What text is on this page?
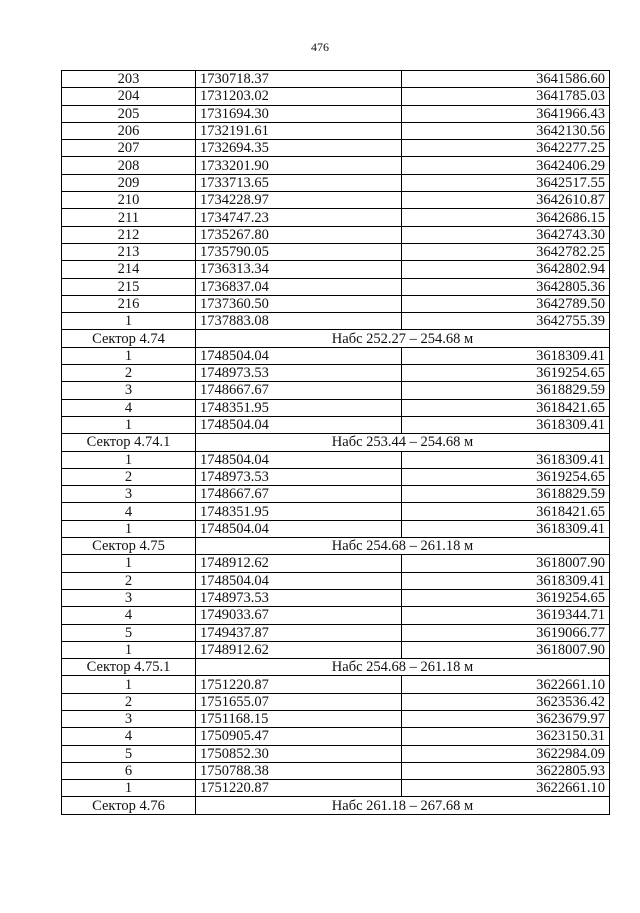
476
203	1730718.37	3641586.60
204	1731203.02	3641785.03
205	1731694.30	3641966.43
206	1732191.61	3642130.56
207	1732694.35	3642277.25
208	1733201.90	3642406.29
209	1733713.65	3642517.55
210	1734228.97	3642610.87
211	1734747.23	3642686.15
212	1735267.80	3642743.30
213	1735790.05	3642782.25
214	1736313.34	3642802.94
215	1736837.04	3642805.36
216	1737360.50	3642789.50
1	1737883.08	3642755.39
Сектор 4.74	Набс 252.27 – 254.68 м	
1	1748504.04	3618309.41
2	1748973.53	3619254.65
3	1748667.67	3618829.59
4	1748351.95	3618421.65
1	1748504.04	3618309.41
Сектор 4.74.1	Набс 253.44 – 254.68 м	
1	1748504.04	3618309.41
2	1748973.53	3619254.65
3	1748667.67	3618829.59
4	1748351.95	3618421.65
1	1748504.04	3618309.41
Сектор 4.75	Набс 254.68 – 261.18 м	
1	1748912.62	3618007.90
2	1748504.04	3618309.41
3	1748973.53	3619254.65
4	1749033.67	3619344.71
5	1749437.87	3619066.77
1	1748912.62	3618007.90
Сектор 4.75.1	Набс 254.68 – 261.18 м	
1	1751220.87	3622661.10
2	1751655.07	3623536.42
3	1751168.15	3623679.97
4	1750905.47	3623150.31
5	1750852.30	3622984.09
6	1750788.38	3622805.93
1	1751220.87	3622661.10
Сектор 4.76	Набс 261.18 – 267.68 м	
